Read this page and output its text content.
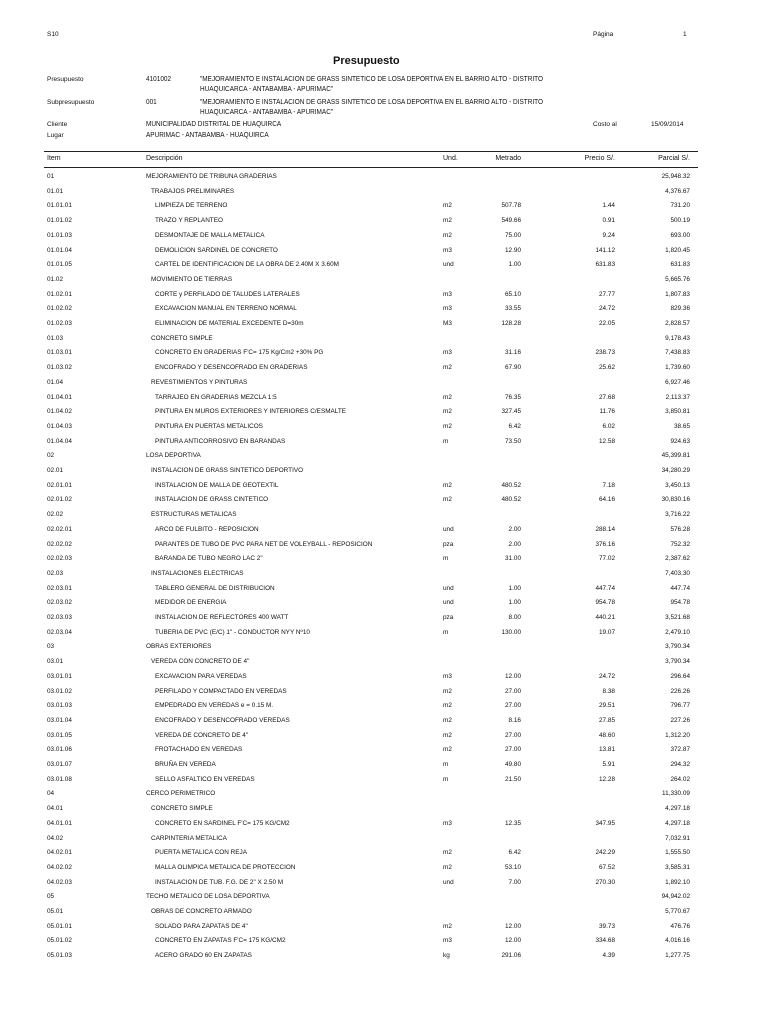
S10	Página	1
Presupuesto
Presupuesto	4101002	"MEJORAMIENTO E INSTALACION DE GRASS SINTETICO DE LOSA DEPORTIVA EN EL BARRIO ALTO - DISTRITO
HUAQUICARCA - ANTABAMBA - APURIMAC"
Subpresupuesto	001	"MEJORAMIENTO E INSTALACION DE GRASS SINTETICO DE LOSA DEPORTIVA EN EL BARRIO ALTO - DISTRITO
HUAQUICARCA - ANTABAMBA - APURIMAC"
Cliente	MUNICIPALIDAD DISTRITAL DE HUAQUIRCA	Costo al	15/09/2014
Lugar	APURIMAC - ANTABAMBA - HUAQUIRCA
Item	Descripción	Und.	Metrado	Precio S/.	Parcial S/.
01	MEJORAMIENTO DE TRIBUNA GRADERIAS	25,948.32
01.01	TRABAJOS PRELIMINARES	4,376.67
01.01.01	LIMPIEZA DE TERRENO	m2	507.78	1.44	731.20
01.01.02	TRAZO Y REPLANTEO	m2	549.66	0.91	500.19
01.01.03	DESMONTAJE DE MALLA METALICA	m2	75.00	9.24	693.00
01.01.04	DEMOLICION SARDINEL DE CONCRETO	m3	12.90	141.12	1,820.45
01.01.05	CARTEL DE IDENTIFICACION DE LA OBRA DE 2.40M X 3.60M	und	1.00	631.83	631.83
01.02	MOVIMIENTO DE TIERRAS	5,665.76
01.02.01	CORTE y PERFILADO DE TALUDES LATERALES	m3	65.10	27.77	1,807.83
01.02.02	EXCAVACION MANUAL EN TERRENO NORMAL	m3	33.55	24.72	829.36
01.02.03	ELIMINACION DE MATERIAL EXCEDENTE D=30m	M3	128.28	22.05	2,828.57
01.03	CONCRETO SIMPLE	9,178.43
01.03.01	CONCRETO EN GRADERIAS F'C= 175 Kg/Cm2 +30% PG	m3	31.16	238.73	7,438.83
01.03.02	ENCOFRADO Y DESENCOFRADO EN GRADERIAS	m2	67.90	25.62	1,739.60
01.04	REVESTIMIENTOS Y PINTURAS	6,927.46
01.04.01	TARRAJEO EN GRADERIAS MEZCLA 1:5	m2	76.35	27.68	2,113.37
01.04.02	PINTURA EN MUROS EXTERIORES Y INTERIORES C/ESMALTE	m2	327.45	11.76	3,850.81
01.04.03	PINTURA EN PUERTAS METALICOS	m2	6.42	6.02	38.65
01.04.04	PINTURA ANTICORROSIVO EN BARANDAS	m	73.50	12.58	924.63
02	LOSA DEPORTIVA	45,399.81
02.01	INSTALACION DE GRASS SINTETICO DEPORTIVO	34,280.29
02.01.01	INSTALACION DE MALLA DE GEOTEXTIL	m2	480.52	7.18	3,450.13
02.01.02	INSTALACION DE GRASS CINTETICO	m2	480.52	64.16	30,830.16
02.02	ESTRUCTURAS METALICAS	3,716.22
02.02.01	ARCO DE FULBITO - REPOSICION	und	2.00	288.14	576.28
02.02.02	PARANTES DE TUBO DE PVC PARA NET DE VOLEYBALL - REPOSICION	pza	2.00	376.16	752.32
02.02.03	BARANDA DE TUBO NEGRO LAC 2"	m	31.00	77.02	2,387.62
02.03	INSTALACIONES ELECTRICAS	7,403.30
02.03.01	TABLERO GENERAL DE DISTRIBUCION	und	1.00	447.74	447.74
02.03.02	MEDIDOR DE ENERGIA	und	1.00	954.78	954.78
02.03.03	INSTALACION DE REFLECTORES 400 WATT	pza	8.00	440.21	3,521.68
02.03.04	TUBERIA DE PVC (E/C) 1" - CONDUCTOR NYY Nº10	m	130.00	19.07	2,479.10
03	OBRAS EXTERIORES	3,790.34
03.01	VEREDA CON CONCRETO DE 4"	3,790.34
03.01.01	EXCAVACION PARA VEREDAS	m3	12.00	24.72	296.64
03.01.02	PERFILADO Y COMPACTADO EN VEREDAS	m2	27.00	8.38	226.26
03.01.03	EMPEDRADO EN VEREDAS e = 0.15 M.	m2	27.00	29.51	796.77
03.01.04	ENCOFRADO Y DESENCOFRADO VEREDAS	m2	8.16	27.85	227.26
03.01.05	VEREDA DE CONCRETO DE 4"	m2	27.00	48.60	1,312.20
03.01.06	FROTACHADO EN VEREDAS	m2	27.00	13.81	372.87
03.01.07	BRUÑA EN VEREDA	m	49.80	5.91	294.32
03.01.08	SELLO ASFALTICO EN VEREDAS	m	21.50	12.28	264.02
04	CERCO PERIMETRICO	11,330.09
04.01	CONCRETO SIMPLE	4,297.18
04.01.01	CONCRETO EN SARDINEL F'C= 175 KG/CM2	m3	12.35	347.95	4,297.18
04.02	CARPINTERIA METALICA	7,032.91
04.02.01	PUERTA METALICA CON REJA	m2	6.42	242.29	1,555.50
04.02.02	MALLA OLIMPICA METALICA DE PROTECCION	m2	53.10	67.52	3,585.31
04.02.03	INSTALACION DE TUB. F.G. DE 2" X 2.50 M	und	7.00	270.30	1,892.10
05	TECHO METALICO DE LOSA DEPORTIVA	94,942.02
05.01	OBRAS DE CONCRETO ARMADO	5,770.67
05.01.01	SOLADO PARA ZAPATAS DE 4"	m2	12.00	39.73	476.76
05.01.02	CONCRETO EN ZAPATAS F'C= 175 KG/CM2	m3	12.00	334.68	4,016.16
05.01.03	ACERO GRADO 60 EN ZAPATAS	kg	291.06	4.39	1,277.75
